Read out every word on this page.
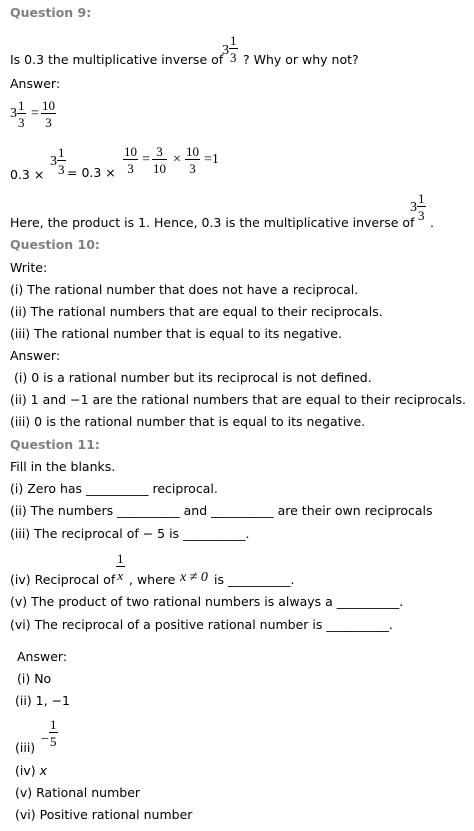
Question 9:
Is 0.3 the multiplicative inverse of
3
1
3 ? Why or why not?
Answer:
3
1
3
=
10
3
0.3 ×
3
1
3 = 0.3 ×
10
3
=
3
10
×
10
3
=1
Here, the product is 1. Hence, 0.3 is the multiplicative inverse of
3
1
3 .
Question 10:
Write:
(i) The rational number that does not have a reciprocal.
(ii) The rational numbers that are equal to their reciprocals.
(iii) The rational number that is equal to its negative.
Answer:
(i) 0 is a rational number but its reciprocal is not defined.
(ii) 1 and −1 are the rational numbers that are equal to their reciprocals.
(iii) 0 is the rational number that is equal to its negative.
Question 11:
Fill in the blanks.
(i) Zero has __________ reciprocal.
(ii) The numbers __________ and __________ are their own reciprocals
(iii) The reciprocal of − 5 is __________.
(iv) Reciprocal of
1
x , where x ≠ 0 is __________.
(v) The product of two rational numbers is always a __________.
(vi) The reciprocal of a positive rational number is __________.
Answer:
(i) No
(ii) 1, −1
(iii)
−
1
5
(iv) x
(v) Rational number
(vi) Positive rational number
